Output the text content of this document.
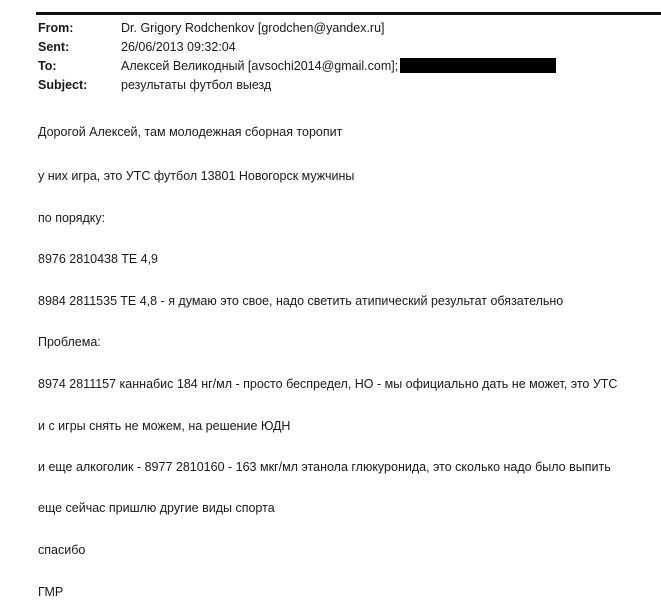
From:	Dr. Grigory Rodchenkov [grodchen@yandex.ru]
Sent:	26/06/2013 09:32:04
To:	Алексей Великодный [avsochi2014@gmail.com];
Subject:	результаты футбол выезд
Дорогой Алексей, там молодежная сборная торопит
у них игра, это УТС футбол 13801 Новогорск мужчины
по порядку:
8976 2810438 TE 4,9
8984 2811535 TE 4,8 - я думаю это свое, надо светить атипический результат обязательно
Проблема:
8974 2811157 каннабис 184 нг/мл - просто беспредел, НО - мы официально дать не может, это УТС
и с игры снять не можем, на решение ЮДН
и еще алкоголик - 8977 2810160 - 163 мкг/мл этанола глюкуронида, это сколько надо было выпить
еще сейчас пришлю другие виды спорта
спасибо
ГМР
